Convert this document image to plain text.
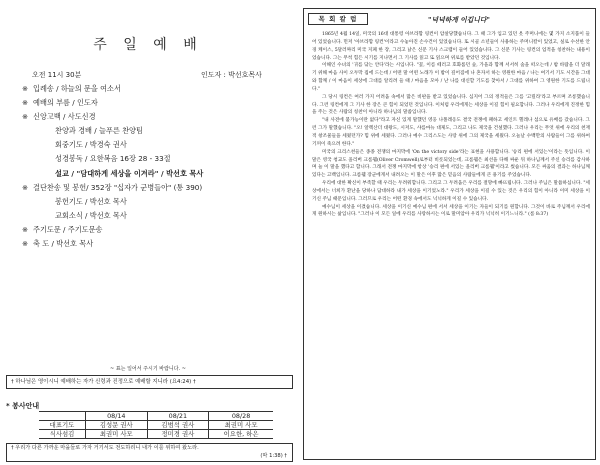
주 일 예 배
오전 11시 30분	인도자 : 박선호목사
※ 입례송 / 하늘의 문을 여소서
※ 예배의 부름 / 인도자
※ 신앙고백 / 사도신경
찬양과 경배 / 늘푸른 찬양팀
회중기도 / 박경숙 권사
성경봉독 / 요한복음 16장 28 - 33절
설교 / "담대하게 세상을 이겨라" / 박선호 목사
※ 결단찬송 및 봉헌/ 352장 "십자가 군병들아" (통 390)
봉헌기도 / 박선호 목사
교회소식 / 박선호 목사
※ 주기도문 / 주기도문송
※ 축 도 / 박선호 목사
~ 표는 일어서 주시기 바랍니다. ~
† 하나님은 영이시니 예배하는 자가 신령과 진정으로 예배할 지니라 (요4:24) †
* 봉사안내
	08/14	08/21	08/28
대표기도	김성문 권사	김범석 권사	최권미 사모
식사섬김	최권미 사모	정미경 권사	이요한, 하은
† 우리가 다른 가까운 마을들로 가자 거기서도 전도하리니 내가 이를 위하여 왔노라.
(막 1:38) †
목 회 칼 럼	"넉넉하게 이깁니다"

1865년 4월 14일, 미국의 16대 대통령 아브라함 링컨이 암살당했습니다. 그 때 그가 입고 있던 옷 주머니에는 몇 가지 소지품이 들어 있었습니다. 먼저 '아브라함 링컨'이라고 수놓아진 손수건이 있었습니다. 또 시골 소년들이 사용하는 주머니칼이 있었고, 실로 수선한 안경 케이스, 5달러짜리 미국 지폐 한 장, 그리고 낡은 신문 기사 스크랩이 들어 있었습니다. 그 신문 기사는 링컨의 업적을 칭찬하는 내용이었습니다. 그는 무척 힘든 시기를 지나면서 그 기사를 읽고 또 읽으며 위로를 받았던 것입니다.

이해인 수녀의 '귀를 닦는 안다'라는 시입니다. "꽃, 이름 떼러고 호화롭던 숲, 가을과 함께 서서히 숲을 떠오는데 / 밤 바람을 더 달래기 위해 마음 사이 오두막 집에 드는데 / 어떤 말 어떤 노래가 이 밤이 깊어짐에 나 혼자서 하는 영원한 마음 / 나는 여기서 기도 시간을 그대와 함께 / 이 마음이 세상에 그대를 알리려 들 때 / 마음을 모아 / 난 나를 대신할 기도를 찾아서 / 그대를 위하여 그 영원한 기도를 드립니다."

그 당시 링컨은 여러 가지 어려움 속에서 많은 비판을 받고 있었습니다. 심지어 그의 정적들은 그를 '고릴라'라고 부르며 조롱했습니다. 그런 링컨에게 그 기사 한 장은 큰 힘이 되었던 것입니다. 이처럼 우리에게는 세상을 이길 힘이 필요합니다. 그러나 우리에게 진정한 힘을 주는 것은 사람의 칭찬이 아니라 하나님의 말씀입니다.

"내 사전에 불가능이란 없다"라고 자신 있게 말했던 영웅 나폴레옹도 결국 전쟁에 패하고 세인트 헬레나 섬으로 유배를 갔습니다. 그런 그가 말했습니다. "오! 알렉산더 대왕도, 시저도, 샤를마뉴 대제도, 그리고 나도 제국을 건설했다. 그러나 우리는 무엇 위에 우리의 천재적 창조물들을 세웠던가? 힘 위에 세웠다. 그러나 예수 그리스도는 사랑 위에 그의 제국을 세웠다. 오늘날 수백만의 사람들이 그를 위하여 기꺼이 죽으려 한다."

미국의 크리스천들은 종종 전쟁의 마지막에 'On the victory side'라는 표현을 사용합니다. '승리 편에 서있는'이라는 뜻입니다. 이 말은 영국 청교도 올리버 크롬웰(Oliver Cromwell)로부터 비롯되었는데, 크롬웰은 최선을 다해 싸운 뒤 하나님께서 주신 승리를 감사하며 늘 이 말을 했다고 합니다. 그래서 전쟁 마지막에 항상 '승리 편에 서있는 올리버 크롬웰'이라고 썼습니다. 모든 싸움의 결과는 하나님께 있다는 고백입니다. 크롬웰 장군에게서 내려오는 이 말은 이후 많은 믿음의 사람들에게 큰 용기를 주었습니다.

우리에 대한 확신이 부족할 때 우리는 두려워합니다. 그리고 그 두려움은 우리를 절망에 빠뜨립니다. 그러나 주님은 말씀하십니다. "세상에서는 너희가 환난을 당하나 담대하라 내가 세상을 이기었노라." 우리가 세상을 이길 수 있는 것은 우리의 힘이 아니라 이미 세상을 이기신 주님 때문입니다. 그러므로 우리는 어떤 환경 속에서도 넉넉하게 이길 수 있습니다.

예수님이 세상을 이겼습니다. 세상을 이기신 예수님 편에 서서 세상을 이기는 자들이 되기를 원합니다. 그것이 바로 주님께서 우리에게 원하시는 삶입니다. "그러나 이 모든 일에 우리를 사랑하시는 이로 말미암아 우리가 넉넉히 이기느니라." (롬 8:37)
